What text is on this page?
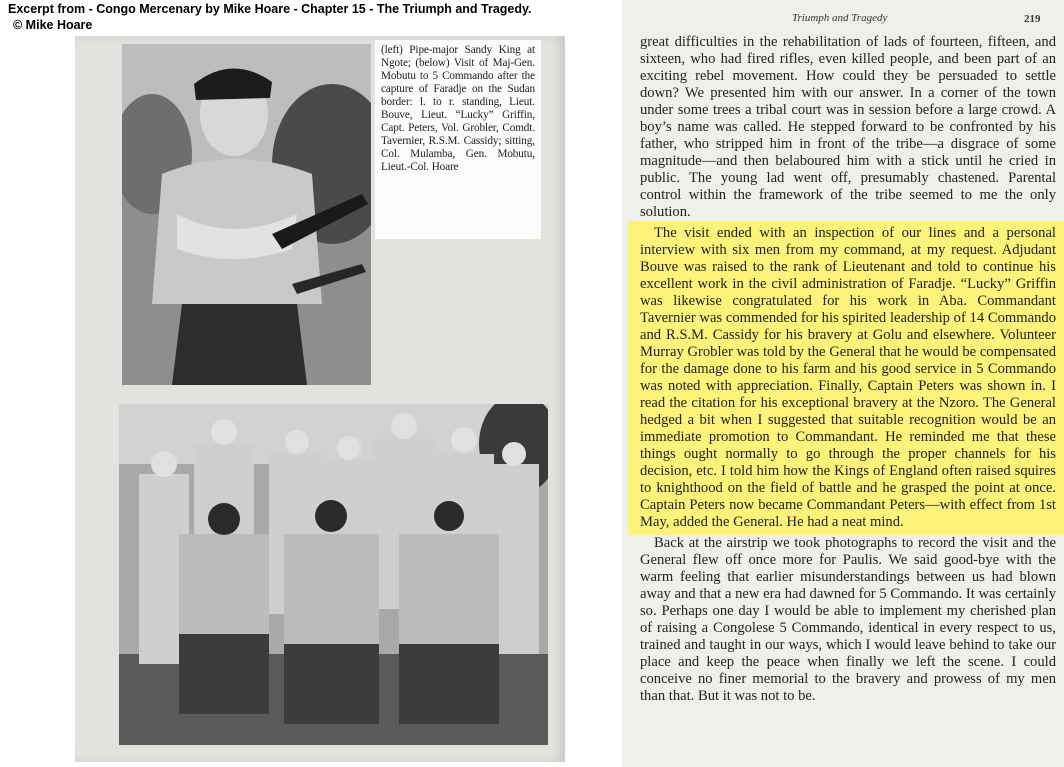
Excerpt from - Congo Mercenary by Mike Hoare - Chapter 15 - The Triumph and Tragedy.
© Mike Hoare
(left) Pipe-major Sandy King at Ngote; (below) Visit of Maj-Gen. Mobutu to 5 Commando after the capture of Faradje on the Sudan border: l. to r. standing, Lieut. Bouve, Lieut. “Lucky” Griffin, Capt. Peters, Vol. Grobler, Comdt. Tavernier, R.S.M. Cassidy; sitting, Col. Mulamba, Gen. Mobutu, Lieut.-Col. Hoare
Triumph and Tragedy	219

great difficulties in the rehabilitation of lads of fourteen, fifteen, and sixteen, who had fired rifles, even killed people, and been part of an exciting rebel movement. How could they be persuaded to settle down? We presented him with our answer. In a corner of the town under some trees a tribal court was in session before a large crowd. A boy’s name was called. He stepped forward to be confronted by his father, who stripped him in front of the tribe—a disgrace of some magnitude—and then belaboured him with a stick until he cried in public. The young lad went off, presumably chastened. Parental control within the framework of the tribe seemed to me the only solution.

The visit ended with an inspection of our lines and a personal interview with six men from my command, at my request. Adjudant Bouve was raised to the rank of Lieutenant and told to continue his excellent work in the civil administration of Faradje. “Lucky” Griffin was likewise congratulated for his work in Aba. Commandant Tavernier was commended for his spirited leadership of 14 Commando and R.S.M. Cassidy for his bravery at Golu and elsewhere. Volunteer Murray Grobler was told by the General that he would be compensated for the damage done to his farm and his good service in 5 Commando was noted with appreciation. Finally, Captain Peters was shown in. I read the citation for his exceptional bravery at the Nzoro. The General hedged a bit when I suggested that suitable recognition would be an immediate promotion to Commandant. He reminded me that these things ought normally to go through the proper channels for his decision, etc. I told him how the Kings of England often raised squires to knighthood on the field of battle and he grasped the point at once. Captain Peters now became Commandant Peters—with effect from 1st May, added the General. He had a neat mind.

Back at the airstrip we took photographs to record the visit and the General flew off once more for Paulis. We said good-bye with the warm feeling that earlier misunderstandings between us had blown away and that a new era had dawned for 5 Commando. It was certainly so. Perhaps one day I would be able to implement my cherished plan of raising a Congolese 5 Commando, identical in every respect to us, trained and taught in our ways, which I would leave behind to take our place and keep the peace when finally we left the scene. I could conceive no finer memorial to the bravery and prowess of my men than that. But it was not to be.
